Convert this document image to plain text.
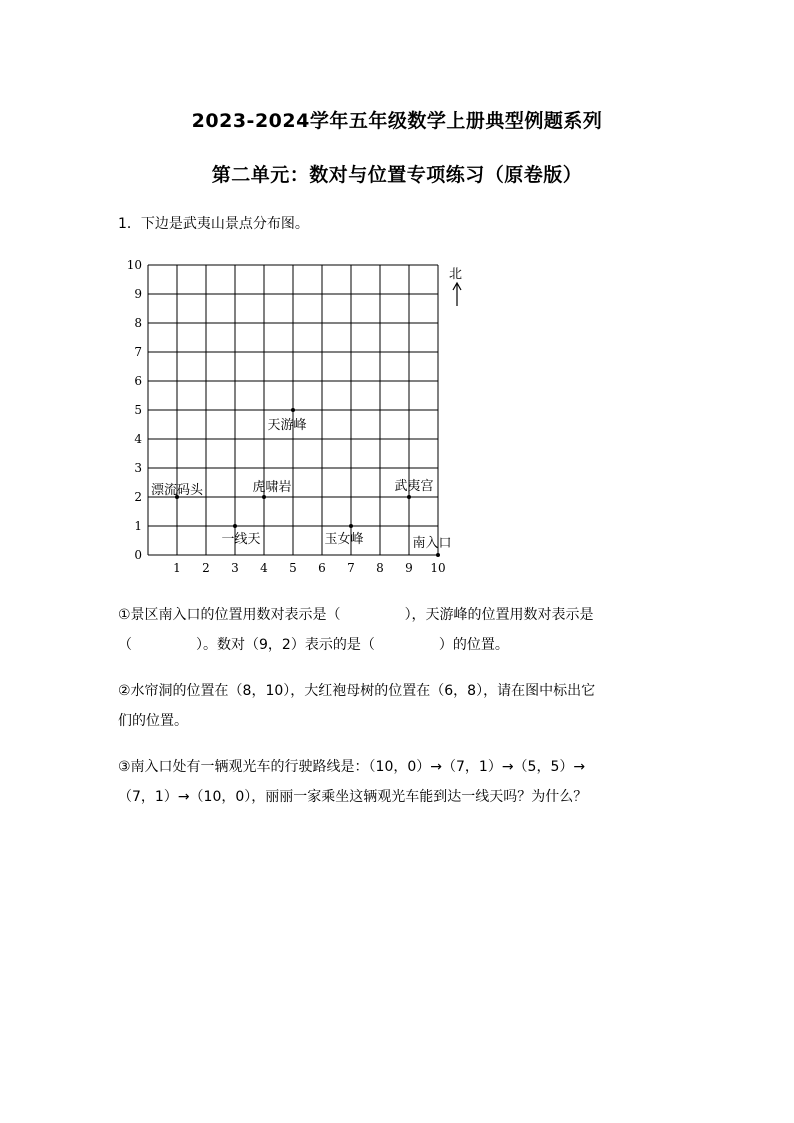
2023-2024学年五年级数学上册典型例题系列
第二单元：数对与位置专项练习（原卷版）
1．下边是武夷山景点分布图。
1 2 3 4 5 6 7 8 9 10
0
1
2
3
4
5
6
7
8
9
10
漂流码头	虎啸岩
天游峰
一线天	玉女峰
武夷宫
南入口
北
①景区南入口的位置用数对表示是（	），天游峰的位置用数对表示是
（	）。数对（9，2）表示的是（	）的位置。
②水帘洞的位置在（8，10），大红袍母树的位置在（6，8），请在图中标出它
们的位置。
③南入口处有一辆观光车的行驶路线是：（10，0）→（7，1）→（5，5）→
（7，1）→（10，0），丽丽一家乘坐这辆观光车能到达一线天吗？为什么？
